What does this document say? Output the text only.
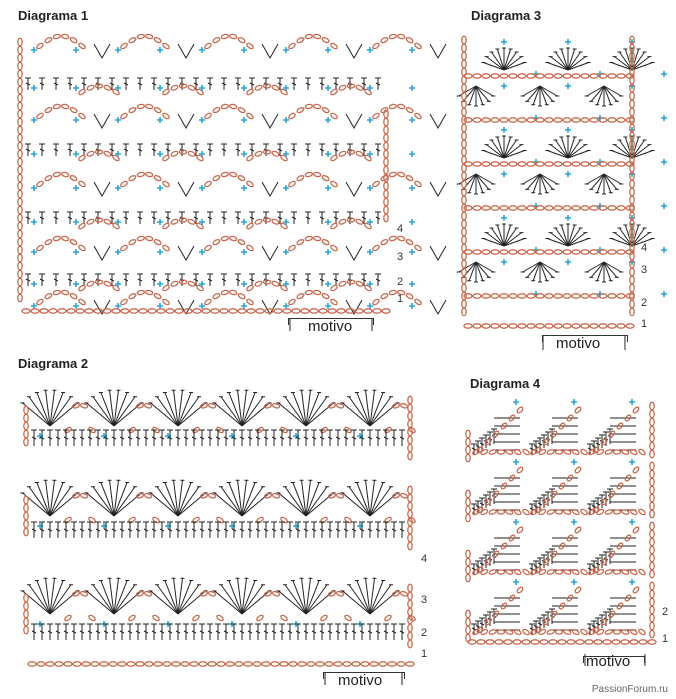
Diagrama 1
4
3
2
1
motivo
Diagrama 3
4
3
2
1
motivo
Diagrama 2
4
3
2
1
motivo
Diagrama 4
2
1
motivo
PassionForum.ru
